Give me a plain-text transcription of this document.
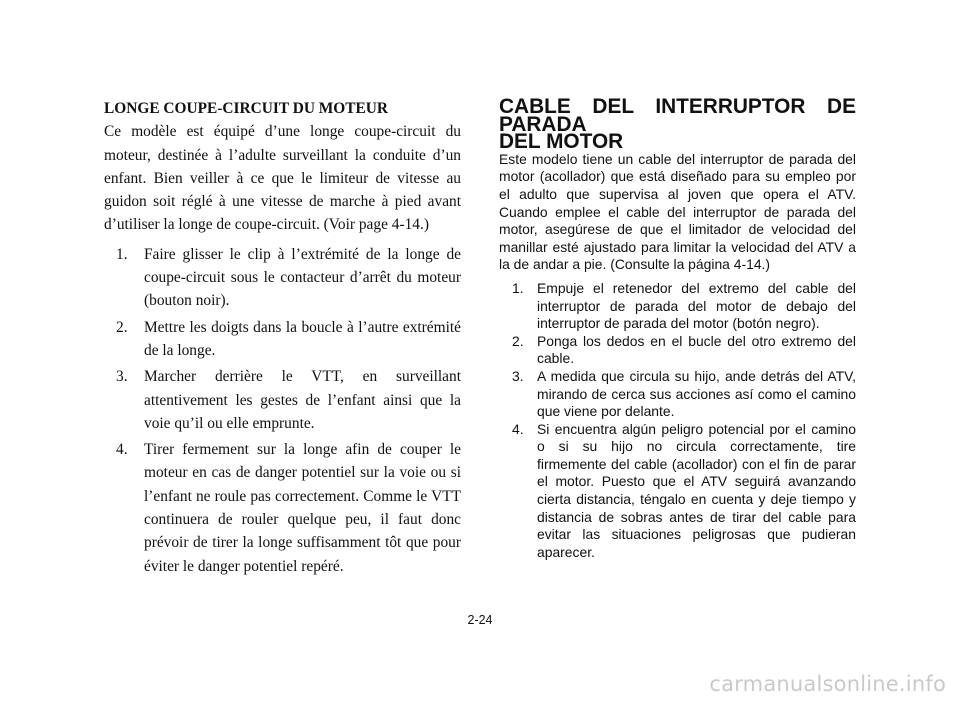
LONGE COUPE-CIRCUIT DU MOTEUR

Ce modèle est équipé d’une longe coupe-circuit du moteur, destinée à l’adulte surveillant la conduite d’un enfant. Bien veiller à ce que le limiteur de vitesse au guidon soit réglé à une vitesse de marche à pied avant d’utiliser la longe de coupe-circuit. (Voir page 4-14.)

1. Faire glisser le clip à l’extrémité de la longe de coupe-circuit sous le contacteur d’arrêt du moteur (bouton noir).
2. Mettre les doigts dans la boucle à l’autre extrémité de la longe.
3. Marcher derrière le VTT, en surveillant attentivement les gestes de l’enfant ainsi que la voie qu’il ou elle emprunte.
4. Tirer fermement sur la longe afin de couper le moteur en cas de danger potentiel sur la voie ou si l’enfant ne roule pas correctement. Comme le VTT continuera de rouler quelque peu, il faut donc prévoir de tirer la longe suffisamment tôt que pour éviter le danger potentiel repéré.
CABLE DEL INTERRUPTOR DE PARADA
DEL MOTOR

Este modelo tiene un cable del interruptor de parada del motor (acollador) que está diseñado para su empleo por el adulto que supervisa al joven que opera el ATV. Cuando emplee el cable del interruptor de parada del motor, asegúrese de que el limitador de velocidad del manillar esté ajustado para limitar la velocidad del ATV a la de andar a pie. (Consulte la página 4-14.)

1. Empuje el retenedor del extremo del cable del interruptor de parada del motor de debajo del interruptor de parada del motor (botón negro).
2. Ponga los dedos en el bucle del otro extremo del cable.
3. A medida que circula su hijo, ande detrás del ATV, mirando de cerca sus acciones así como el camino que viene por delante.
4. Si encuentra algún peligro potencial por el camino o si su hijo no circula correctamente, tire firmemente del cable (acollador) con el fin de parar el motor. Puesto que el ATV seguirá avanzando cierta distancia, téngalo en cuenta y deje tiempo y distancia de sobras antes de tirar del cable para evitar las situaciones peligrosas que pudieran aparecer.
2-24
carmanualsonline.info
